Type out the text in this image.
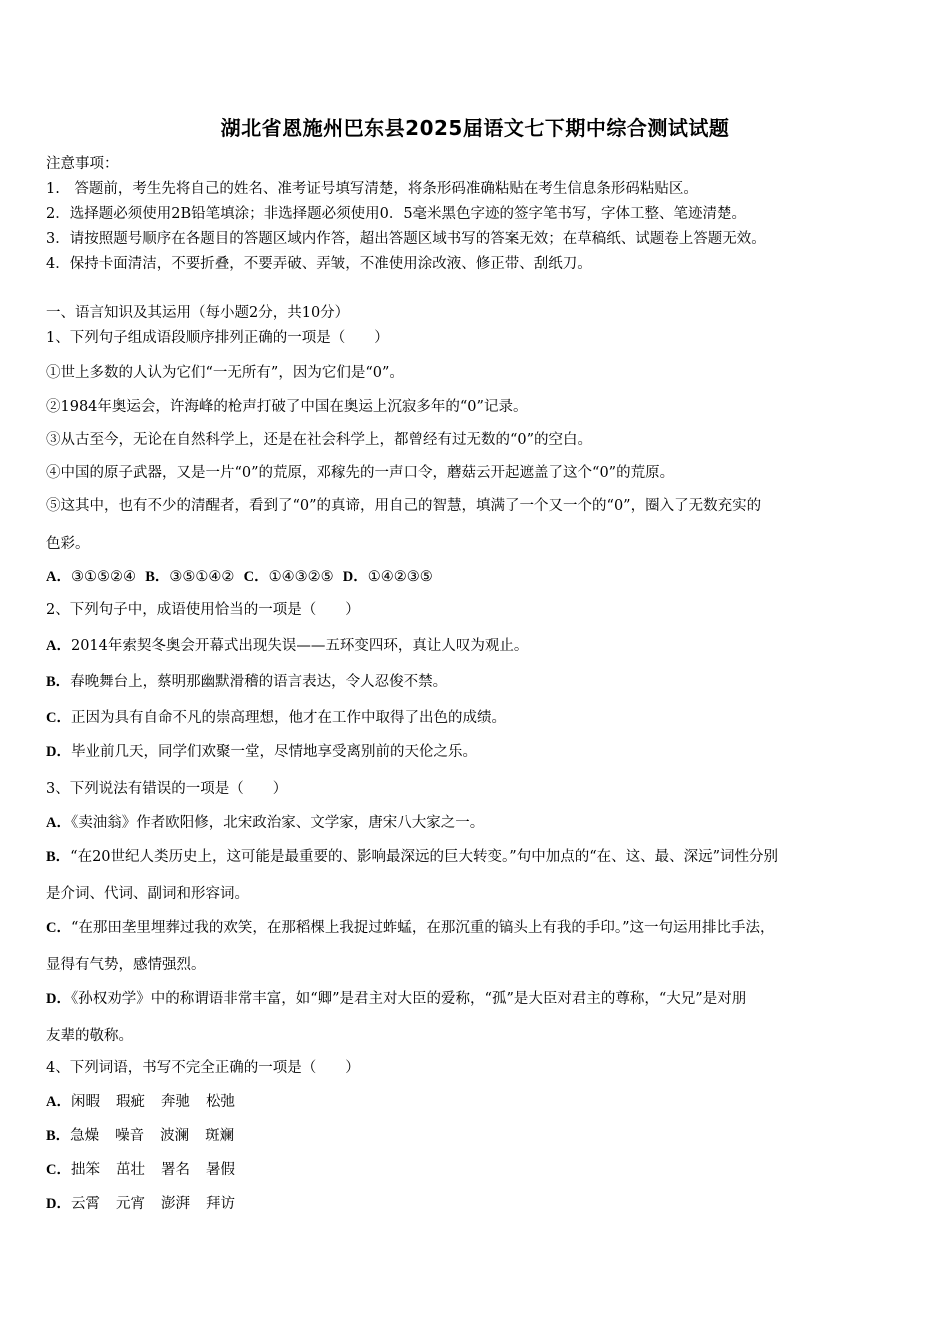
湖北省恩施州巴东县2025届语文七下期中综合测试试题
注意事项：
1.　答题前，考生先将自己的姓名、准考证号填写清楚，将条形码准确粘贴在考生信息条形码粘贴区。
2．选择题必须使用2B铅笔填涂；非选择题必须使用0．5毫米黑色字迹的签字笔书写，字体工整、笔迹清楚。
3．请按照题号顺序在各题目的答题区域内作答，超出答题区域书写的答案无效；在草稿纸、试题卷上答题无效。
4．保持卡面清洁，不要折叠，不要弄破、弄皱，不准使用涂改液、修正带、刮纸刀。
一、语言知识及其运用（每小题2分，共10分）
1、下列句子组成语段顺序排列正确的一项是（　　）
①世上多数的人认为它们“一无所有”，因为它们是“0”。
②1984年奥运会，许海峰的枪声打破了中国在奥运上沉寂多年的“0”记录。
③从古至今，无论在自然科学上，还是在社会科学上，都曾经有过无数的“0”的空白。
④中国的原子武器，又是一片“0”的荒原，邓稼先的一声口令，蘑菇云开起遮盖了这个“0”的荒原。
⑤这其中，也有不少的清醒者，看到了“0”的真谛，用自己的智慧，填满了一个又一个的“0”，圈入了无数充实的
色彩。
A．③①⑤②④ B．③⑤①④② C．①④③②⑤ D．①④②③⑤
2、下列句子中，成语使用恰当的一项是（　　）
A．2014年索契冬奥会开幕式出现失误——五环变四环，真让人叹为观止。
B．春晚舞台上，蔡明那幽默滑稽的语言表达，令人忍俊不禁。
C．正因为具有自命不凡的崇高理想，他才在工作中取得了出色的成绩。
D．毕业前几天，同学们欢聚一堂，尽情地享受离别前的天伦之乐。
3、下列说法有错误的一项是（　　）
A．《卖油翁》作者欧阳修，北宋政治家、文学家，唐宋八大家之一。
B．“在20世纪人类历史上，这可能是最重要的、影响最深远的巨大转变。”句中加点的“在、这、最、深远”词性分别
是介词、代词、副词和形容词。
C．“在那田垄里埋葬过我的欢笑，在那稻棵上我捉过蚱蜢，在那沉重的镐头上有我的手印。”这一句运用排比手法，
显得有气势，感情强烈。
D．《孙权劝学》中的称谓语非常丰富，如“卿”是君主对大臣的爱称，“孤”是大臣对君主的尊称，“大兄”是对朋
友辈的敬称。
4、下列词语，书写不完全正确的一项是（　　）
A．闲暇 瑕疵 奔驰 松弛
B．急燥 噪音 波澜 斑斓
C．拙笨 茁壮 署名 暑假
D．云霄 元宵 澎湃 拜访
